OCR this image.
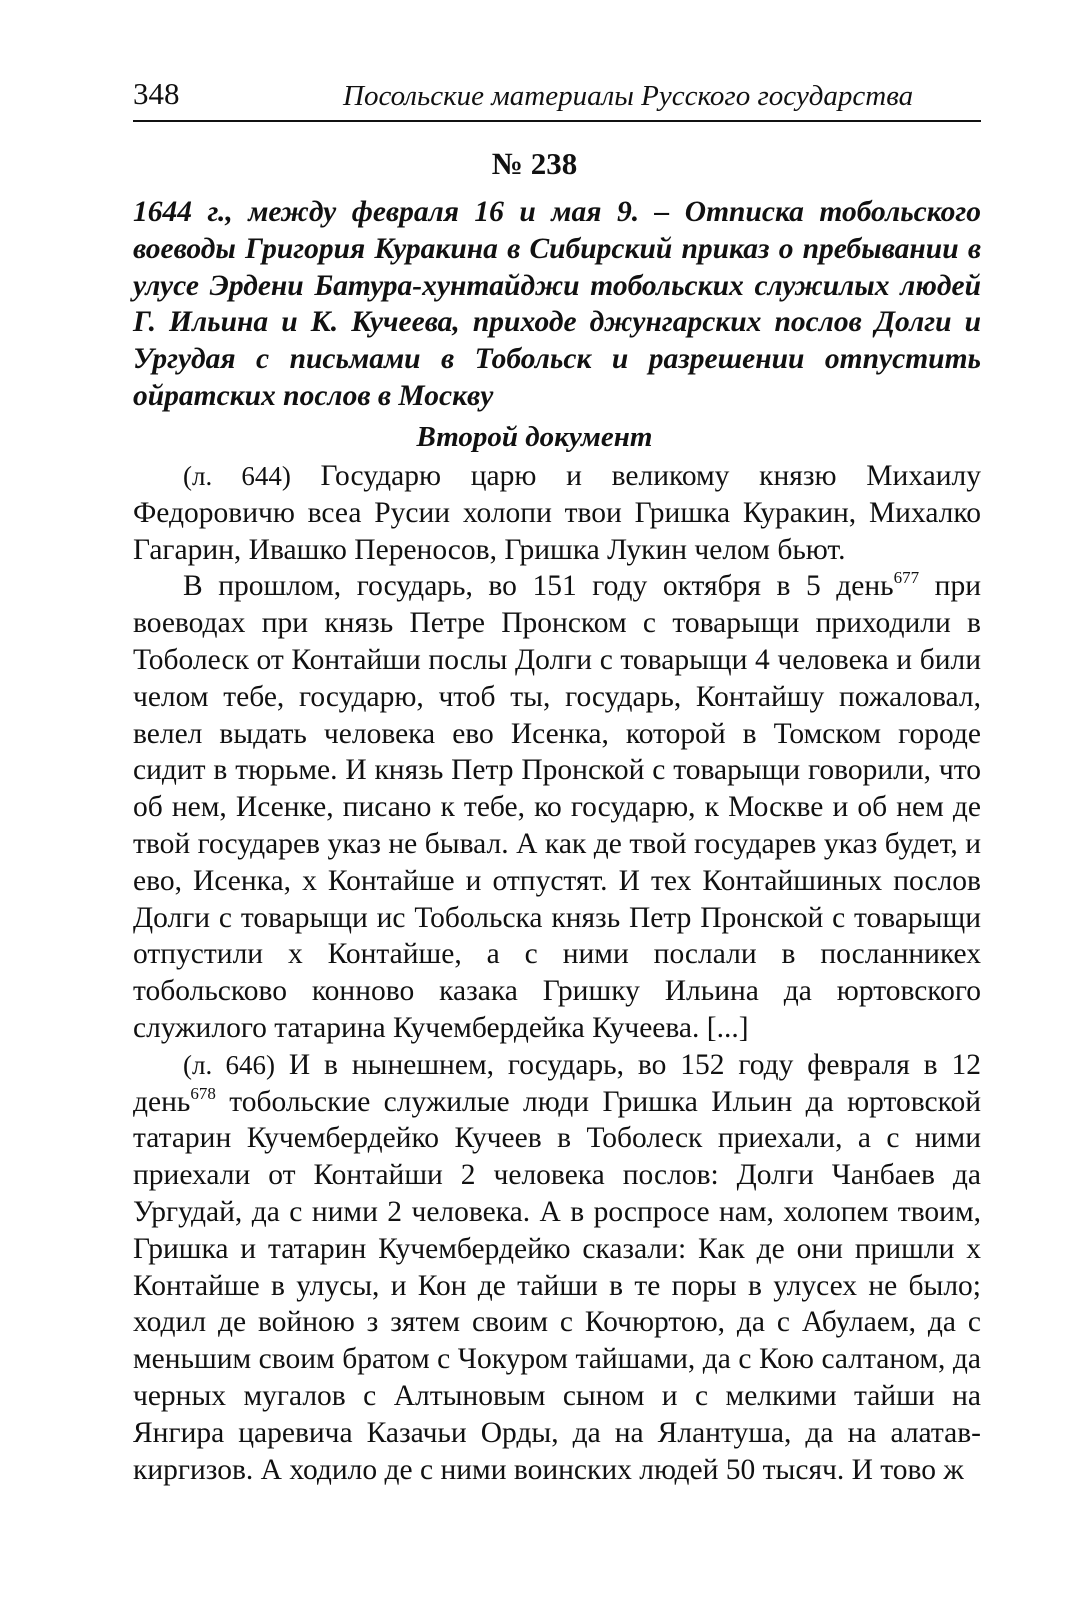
348	Посольские материалы Русского государства
№ 238
1644 г., между февраля 16 и мая 9. – Отписка тобольского воеводы Григория Куракина в Сибирский приказ о пребывании в улусе Эрдени Батура-хунтайджи тобольских служилых людей Г. Ильина и К. Кучеева, приходе джунгарских послов Долги и Ургудая с письмами в Тобольск и разрешении отпустить ойратских послов в Москву
Второй документ

(л. 644) Государю царю и великому князю Михаилу Федоровичю всеа Русии холопи твои Гришка Куракин, Михалко Гагарин, Ивашко Переносов, Гришка Лукин челом бьют.

В прошлом, государь, во 151 году октября в 5 день$^{677}$ при воеводах при князь Петре Пронском с товарыщи приходили в Тоболеск от Контайши послы Долги с товарыщи 4 человека и били челом тебе, государю, чтоб ты, государь, Контайшу пожаловал, велел выдать человека ево Исенка, которой в Томском городе сидит в тюрьме. И князь Петр Пронской с товарыщи говорили, что об нем, Исенке, писано к тебе, ко государю, к Москве и об нем де твой государев указ не бывал. А как де твой государев указ будет, и ево, Исенка, х Контайше и отпустят. И тех Контайшиных послов Долги с товарыщи ис Тобольска князь Петр Пронской с товарыщи отпустили х Контайше, а с ними послали в посланникех тобольсково конново казака Гришку Ильина да юртовского служилого татарина Кучембердейка Кучеева. [...]

(л. 646) И в нынешнем, государь, во 152 году февраля в 12 день$^{678}$ тобольские служилые люди Гришка Ильин да юртовской татарин Кучембердейко Кучеев в Тоболеск приехали, а с ними приехали от Контайши 2 человека послов: Долги Чанбаев да Ургудай, да с ними 2 человека. А в роспросе нам, холопем твоим, Гришка и татарин Кучембердейко сказали: Как де они пришли х Контайше в улусы, и Кон де тайши в те поры в улусех не было; ходил де войною з зятем своим с Кочюртою, да с Абулаем, да с меньшим своим братом с Чокуром тайшами, да с Кою салтаном, да черных мугалов с Алтыновым сыном и с мелкими тайши на Янгира царевича Казачьи Орды, да на Ялантуша, да на алатав-киргизов. А ходило де с ними воинских людей 50 тысяч. И тово ж
